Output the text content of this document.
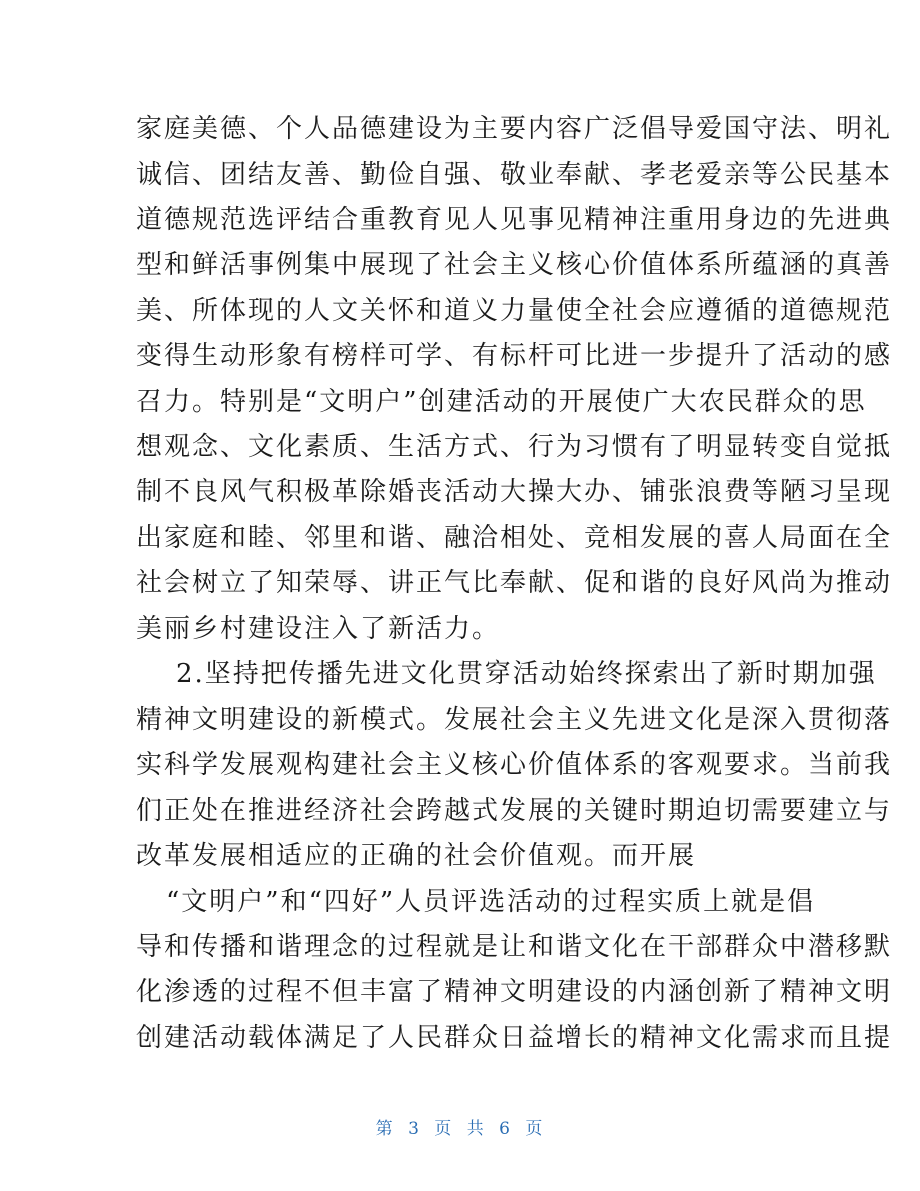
家庭美德、个人品德建设为主要内容广泛倡导爱国守法、明礼
诚信、团结友善、勤俭自强、敬业奉献、孝老爱亲等公民基本
道德规范选评结合重教育见人见事见精神注重用身边的先进典
型和鲜活事例集中展现了社会主义核心价值体系所蕴涵的真善
美、所体现的人文关怀和道义力量使全社会应遵循的道德规范
变得生动形象有榜样可学、有标杆可比进一步提升了活动的感
召力。特别是“文明户”创建活动的开展使广大农民群众的思
想观念、文化素质、生活方式、行为习惯有了明显转变自觉抵
制不良风气积极革除婚丧活动大操大办、铺张浪费等陋习呈现
出家庭和睦、邻里和谐、融洽相处、竞相发展的喜人局面在全
社会树立了知荣辱、讲正气比奉献、促和谐的良好风尚为推动
美丽乡村建设注入了新活力。
2.坚持把传播先进文化贯穿活动始终探索出了新时期加强
精神文明建设的新模式。发展社会主义先进文化是深入贯彻落
实科学发展观构建社会主义核心价值体系的客观要求。当前我
们正处在推进经济社会跨越式发展的关键时期迫切需要建立与
改革发展相适应的正确的社会价值观。而开展
“文明户”和“四好”人员评选活动的过程实质上就是倡
导和传播和谐理念的过程就是让和谐文化在干部群众中潜移默
化渗透的过程不但丰富了精神文明建设的内涵创新了精神文明
创建活动载体满足了人民群众日益增长的精神文化需求而且提
第 3 页 共 6 页
